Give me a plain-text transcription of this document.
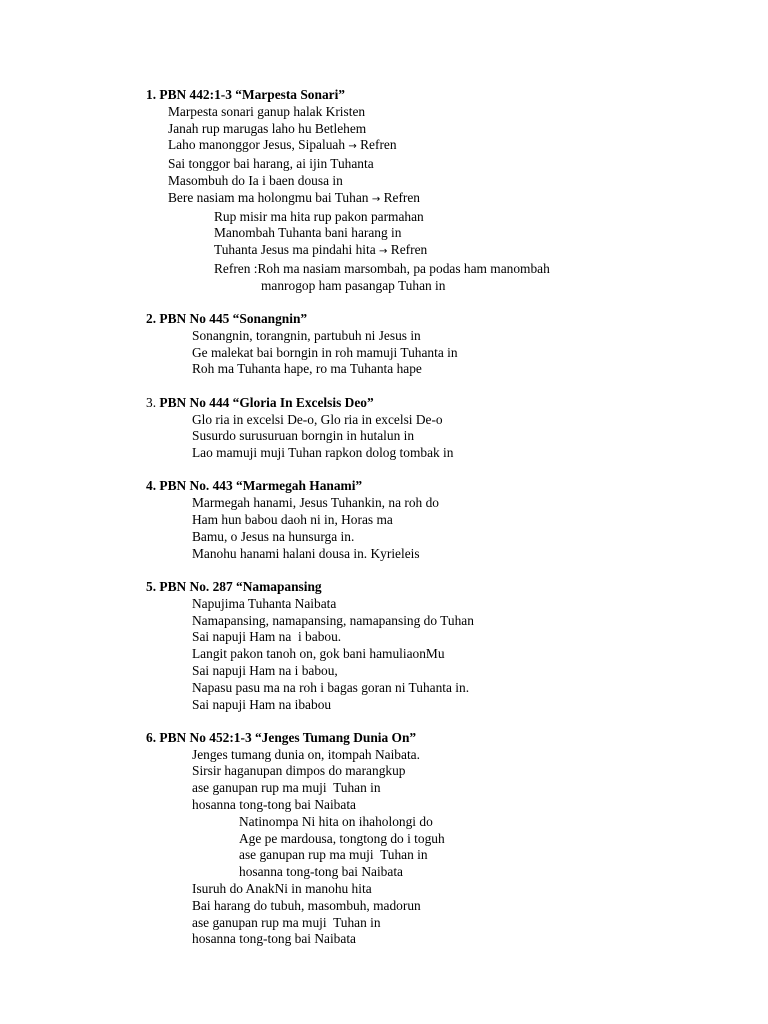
1. PBN 442:1-3 “Marpesta Sonari”
Marpesta sonari ganup halak Kristen
Janah rup marugas laho hu Betlehem
Laho manonggor Jesus, Sipaluah → Refren
Sai tonggor bai harang, ai ijin Tuhanta
Masombuh do Ia i baen dousa in
Bere nasiam ma holongmu bai Tuhan → Refren
Rup misir ma hita rup pakon parmahan
Manombah Tuhanta bani harang in
Tuhanta Jesus ma pindahi hita → Refren
Refren :Roh ma nasiam marsombah, pa podas ham manombah
manrogop ham pasangap Tuhan in
2. PBN No 445 “Sonangnin”
Sonangnin, torangnin, partubuh ni Jesus in
Ge malekat bai borngin in roh mamuji Tuhanta in
Roh ma Tuhanta hape, ro ma Tuhanta hape
3. PBN No 444 “Gloria In Excelsis Deo”
Glo ria in excelsi De-o, Glo ria in excelsi De-o
Susurdo surusuruan borngin in hutalun in
Lao mamuji muji Tuhan rapkon dolog tombak in
4. PBN No. 443 “Marmegah Hanami”
Marmegah hanami, Jesus Tuhankin, na roh do
Ham hun babou daoh ni in, Horas ma
Bamu, o Jesus na hunsurga in.
Manohu hanami halani dousa in. Kyrieleis
5. PBN No. 287 “Namapansing
Napujima Tuhanta Naibata
Namapansing, namapansing, namapansing do Tuhan
Sai napuji Ham na  i babou.
Langit pakon tanoh on, gok bani hamuliaonMu
Sai napuji Ham na i babou,
Napasu pasu ma na roh i bagas goran ni Tuhanta in.
Sai napuji Ham na ibabou
6. PBN No 452:1-3 “Jenges Tumang Dunia On”
Jenges tumang dunia on, itompah Naibata.
Sirsir haganupan dimpos do marangkup
ase ganupan rup ma muji  Tuhan in
hosanna tong-tong bai Naibata
Natinompa Ni hita on ihaholongi do
Age pe mardousa, tongtong do i toguh
ase ganupan rup ma muji  Tuhan in
hosanna tong-tong bai Naibata
Isuruh do AnakNi in manohu hita
Bai harang do tubuh, masombuh, madorun
ase ganupan rup ma muji  Tuhan in
hosanna tong-tong bai Naibata
